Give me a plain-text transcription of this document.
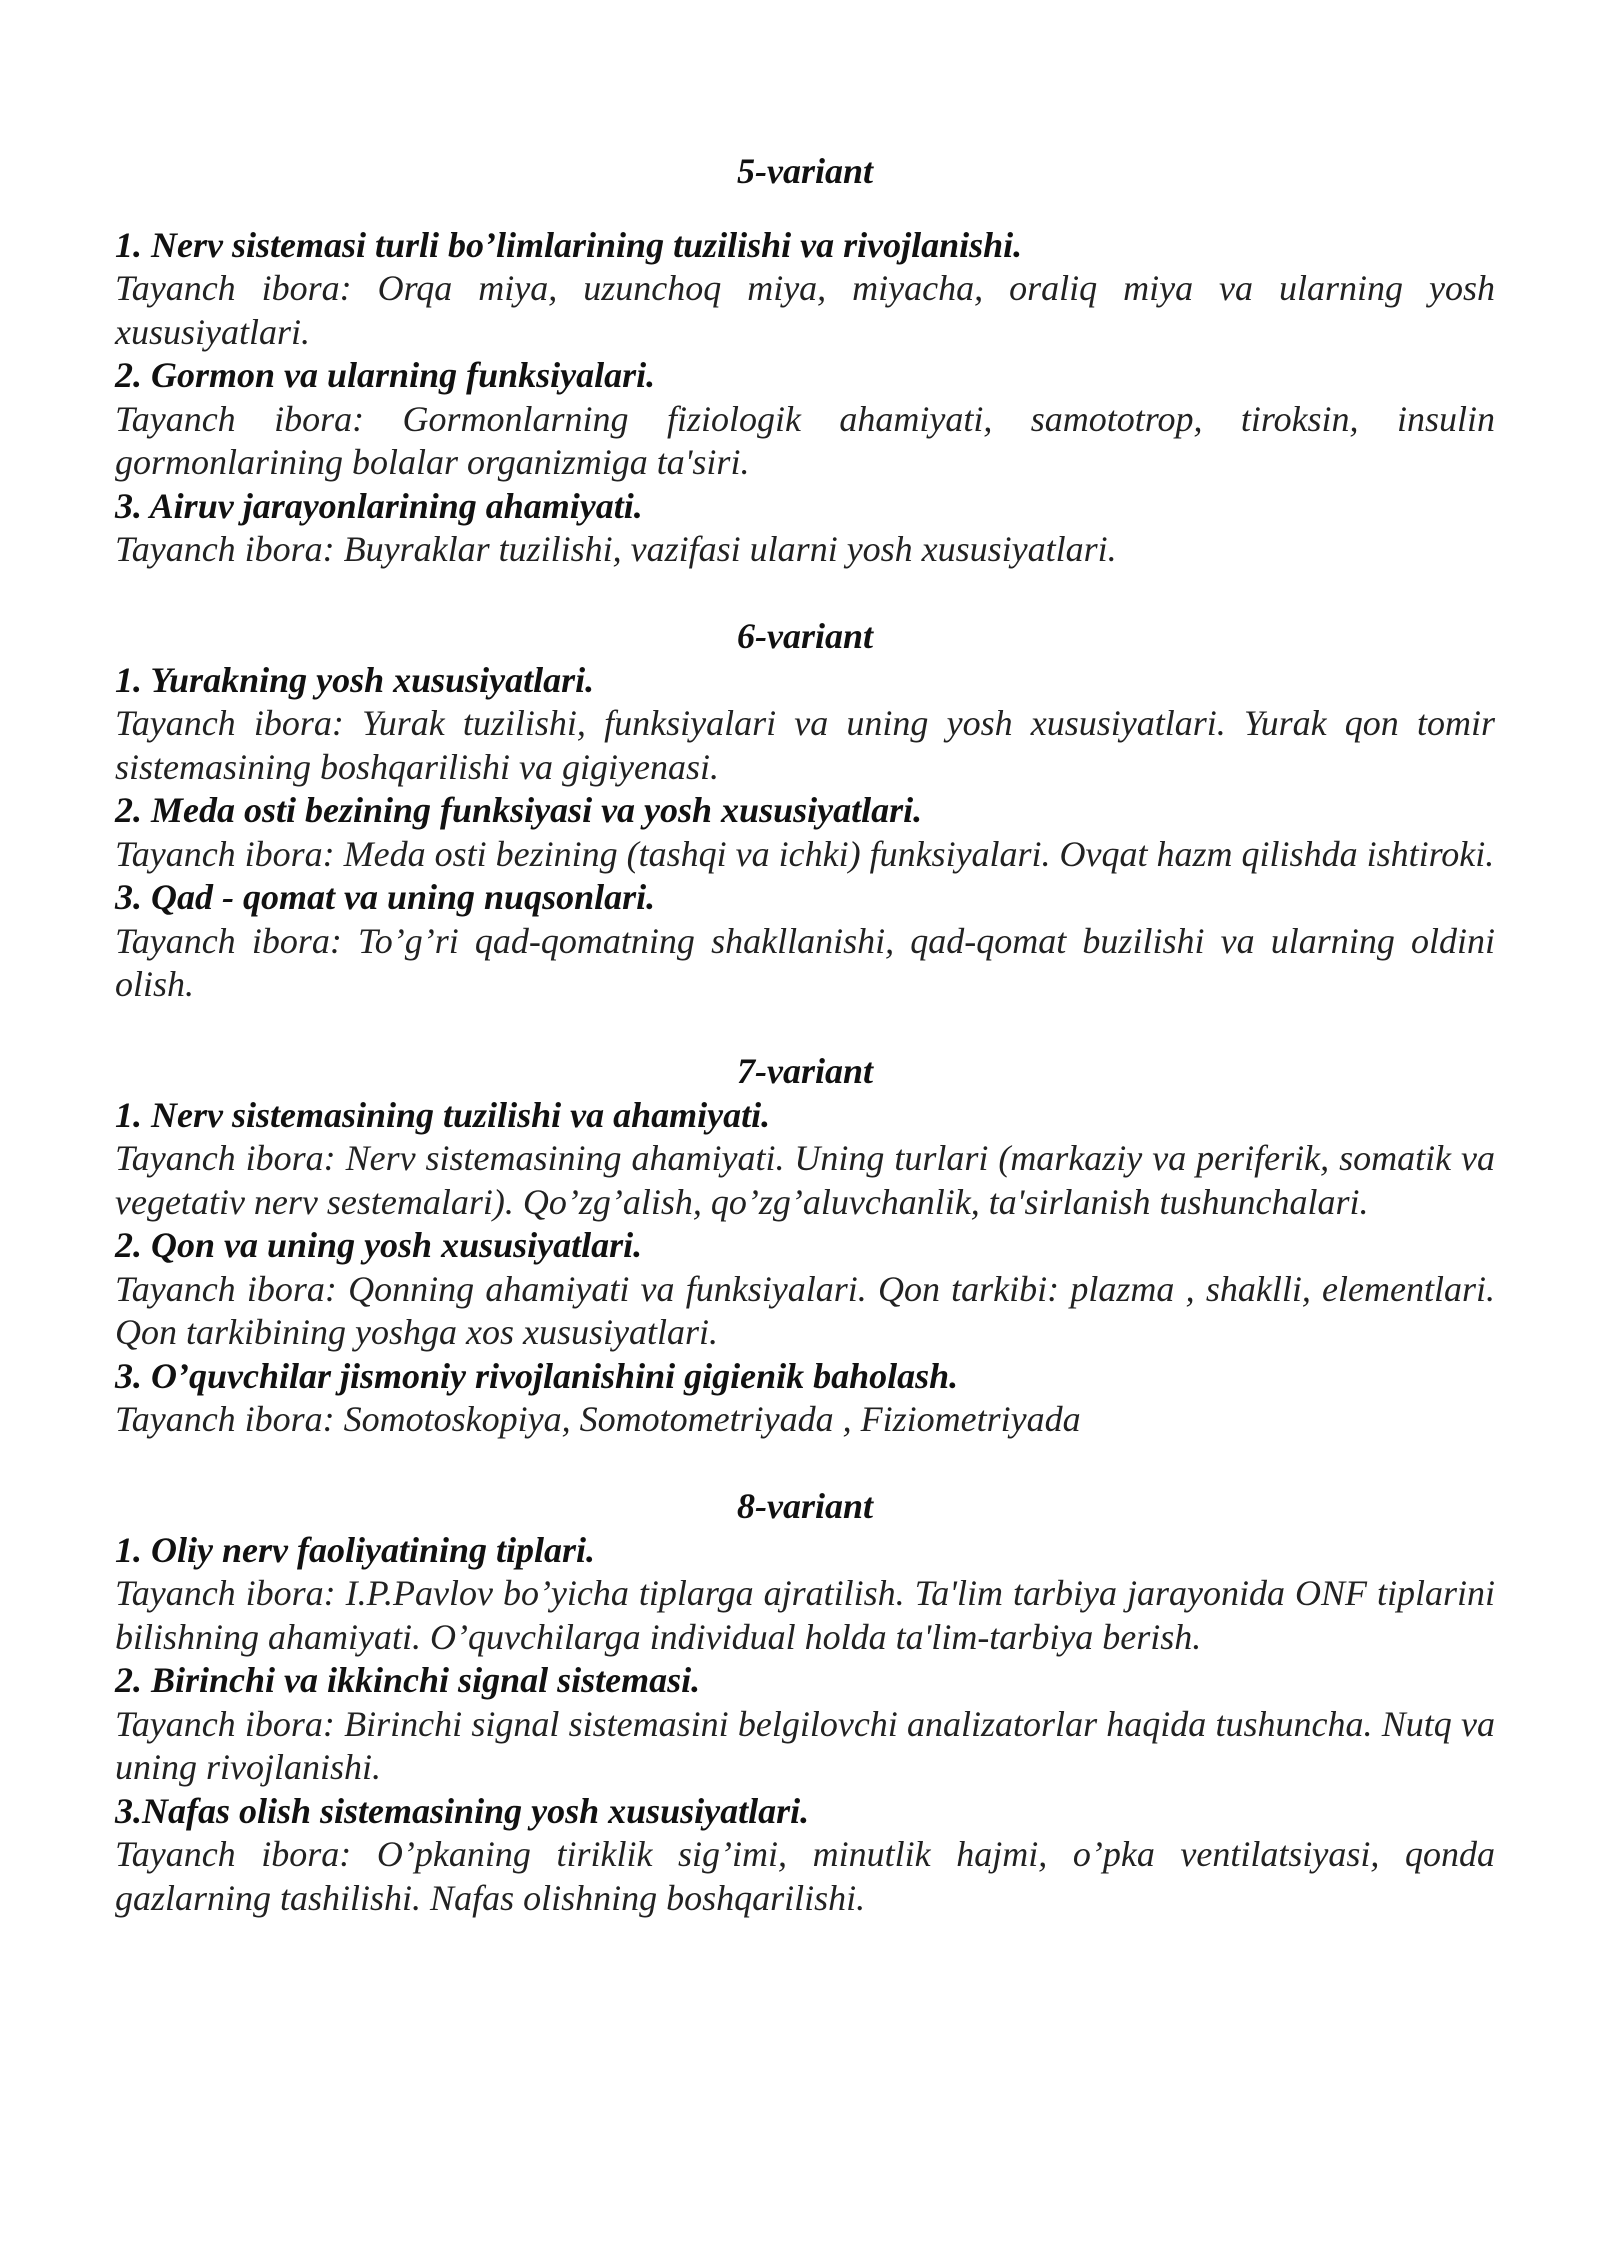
5-variant

1. Nerv sistemasi turli bo’limlarining tuzilishi va rivojlanishi.

Tayanch ibora: Orqa miya, uzunchoq miya, miyacha, oraliq miya va ularning yosh xususiyatlari.

2. Gormon va ularning funksiyalari.

Tayanch ibora: Gormonlarning fiziologik ahamiyati, samototrop, tiroksin, insulin gormonlarining bolalar organizmiga ta'siri.

3. Airuv jarayonlarining ahamiyati.

Tayanch ibora: Buyraklar tuzilishi, vazifasi ularni yosh xususiyatlari.

6-variant

1. Yurakning yosh xususiyatlari.

Tayanch ibora: Yurak tuzilishi, funksiyalari va uning yosh xususiyatlari. Yurak qon tomir sistemasining boshqarilishi va gigiyenasi.

2. Meda osti bezining funksiyasi va yosh xususiyatlari.

Tayanch ibora: Meda osti bezining (tashqi va ichki) funksiyalari. Ovqat hazm qilishda ishtiroki.

3. Qad - qomat va uning nuqsonlari.

Tayanch ibora: To’g’ri qad-qomatning shakllanishi, qad-qomat buzilishi va ularning oldini olish.

7-variant

1. Nerv sistemasining tuzilishi va ahamiyati.

Tayanch ibora: Nerv sistemasining ahamiyati. Uning turlari (markaziy va periferik, somatik va vegetativ nerv sestemalari). Qo’zg’alish, qo’zg’aluvchanlik, ta'sirlanish tushunchalari.

2. Qon va uning yosh xususiyatlari.

Tayanch ibora: Qonning ahamiyati va funksiyalari. Qon tarkibi: plazma , shaklli, elementlari. Qon tarkibining yoshga xos xususiyatlari.

3. O’quvchilar jismoniy rivojlanishini gigienik baholash.

Tayanch ibora: Somotoskopiya, Somotometriyada , Fiziometriyada

8-variant

1. Oliy nerv faoliyatining tiplari.

Tayanch ibora: I.P.Pavlov bo’yicha tiplarga ajratilish. Ta'lim tarbiya jarayonida ONF tiplarini bilishning ahamiyati. O’quvchilarga individual holda ta'lim-tarbiya berish.

2. Birinchi va ikkinchi signal sistemasi.

Tayanch ibora: Birinchi signal sistemasini belgilovchi analizatorlar haqida tushuncha. Nutq va uning rivojlanishi.

3.Nafas olish sistemasining yosh xususiyatlari.

Tayanch ibora: O’pkaning tiriklik sig’imi, minutlik hajmi, o’pka ventilatsiyasi, qonda gazlarning tashilishi. Nafas olishning boshqarilishi.
